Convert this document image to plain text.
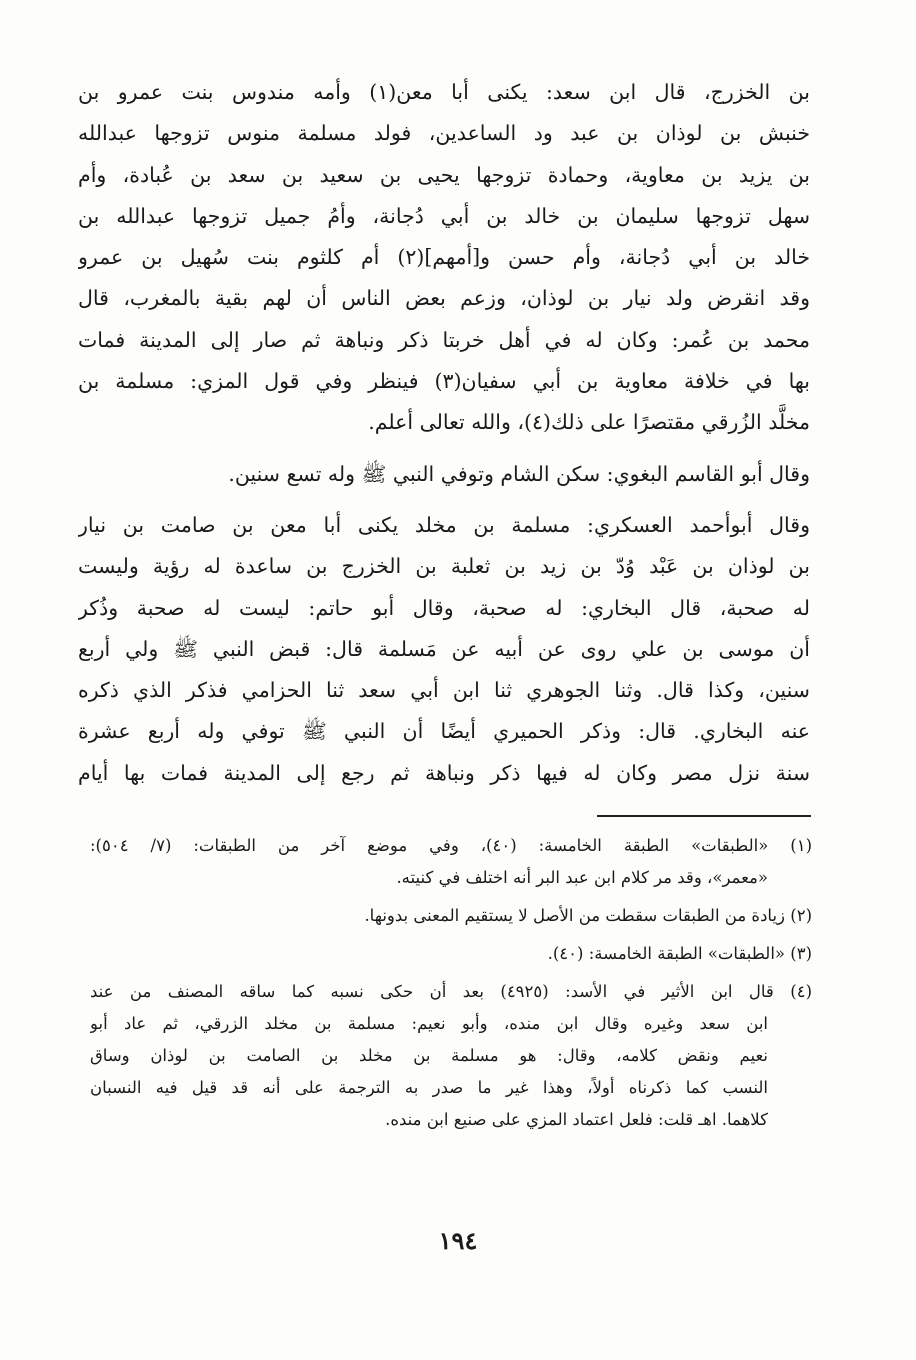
بن الخزرج، قال ابن سعد: يكنى أبا معن(١) وأمه مندوس بنت عمرو بن
خنبش بن لوذان بن عبد ود الساعدين، فولد مسلمة منوس تزوجها عبدالله
بن يزيد بن معاوية، وحمادة تزوجها يحيى بن سعيد بن سعد بن عُبادة، وأم
سهل تزوجها سليمان بن خالد بن أبي دُجانة، وأمُ جميل تزوجها عبدالله بن
خالد بن أبي دُجانة، وأم حسن و[أمهم](٢) أم كلثوم بنت سُهيل بن عمرو
وقد انقرض ولد نيار بن لوذان، وزعم بعض الناس أن لهم بقية بالمغرب، قال
محمد بن عُمر: وكان له في أهل خربتا ذكر ونباهة ثم صار إلى المدينة فمات
بها في خلافة معاوية بن أبي سفيان(٣) فينظر وفي قول المزي: مسلمة بن
مخلَّد الزُرقي مقتصرًا على ذلك(٤)، والله تعالى أعلم.
وقال أبو القاسم البغوي: سكن الشام وتوفي النبي ﷺ وله تسع سنين.
وقال أبوأحمد العسكري: مسلمة بن مخلد يكنى أبا معن بن صامت بن نيار
بن لوذان بن عَبْد وُدّ بن زيد بن ثعلبة بن الخزرج بن ساعدة له رؤية وليست
له صحبة، قال البخاري: له صحبة، وقال أبو حاتم: ليست له صحبة وذُكر
أن موسى بن علي روى عن أبيه عن مَسلمة قال: قبض النبي ﷺ ولي أربع
سنين، وكذا قال. وثنا الجوهري ثنا ابن أبي سعد ثنا الحزامي فذكر الذي ذكره
عنه البخاري. قال: وذكر الحميري أيضًا أن النبي ﷺ توفي وله أربع عشرة
سنة نزل مصر وكان له فيها ذكر ونباهة ثم رجع إلى المدينة فمات بها أيام
(١) «الطبقات» الطبقة الخامسة: (٤٠)، وفي موضع آخر من الطبقات: (٧/ ٥٠٤):
«معمر»، وقد مر كلام ابن عبد البر أنه اختلف في كنيته.
(٢) زيادة من الطبقات سقطت من الأصل لا يستقيم المعنى بدونها.
(٣) «الطبقات» الطبقة الخامسة: (٤٠).
(٤) قال ابن الأثير في الأسد: (٤٩٢٥) بعد أن حكى نسبه كما ساقه المصنف من عند
ابن سعد وغيره وقال ابن منده، وأبو نعيم: مسلمة بن مخلد الزرقي، ثم عاد أبو
نعيم ونقض كلامه، وقال: هو مسلمة بن مخلد بن الصامت بن لوذان وساق
النسب كما ذكرناه أولاً، وهذا غير ما صدر به الترجمة على أنه قد قيل فيه النسبان
كلاهما. اهـ قلت: فلعل اعتماد المزي على صنيع ابن منده.
١٩٤
